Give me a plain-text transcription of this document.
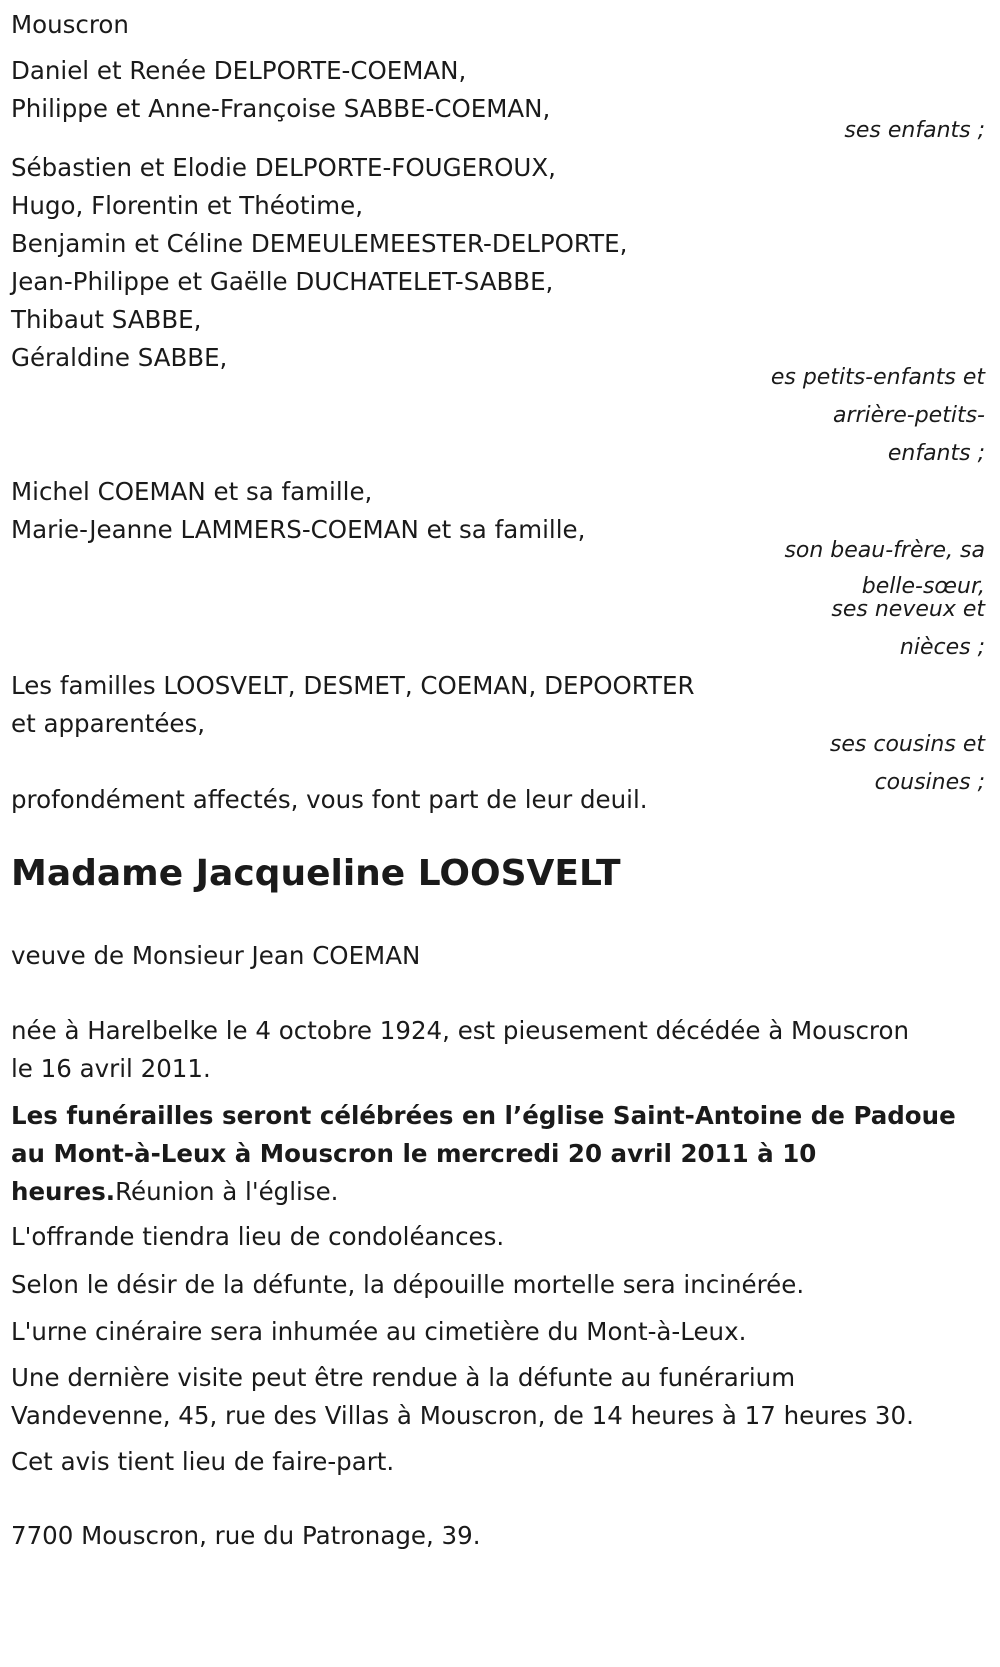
Mouscron
Daniel et Renée DELPORTE-COEMAN,
Philippe et Anne-Françoise SABBE-COEMAN,
ses enfants ;
Sébastien et Elodie DELPORTE-FOUGEROUX,
Hugo, Florentin et Théotime,
Benjamin et Céline DEMEULEMEESTER-DELPORTE,
Jean-Philippe et Gaëlle DUCHATELET-SABBE,
Thibaut SABBE,
Géraldine SABBE,
es petits-enfants et
arrière-petits-
enfants ;
Michel COEMAN et sa famille,
Marie-Jeanne LAMMERS-COEMAN et sa famille,
son beau-frère, sa
belle-sœur,
ses neveux et
nièces ;
Les familles LOOSVELT, DESMET, COEMAN, DEPOORTER
et apparentées,
ses cousins et
cousines ;
profondément affectés, vous font part de leur deuil.
Madame Jacqueline LOOSVELT
veuve de Monsieur Jean COEMAN
née à Harelbelke le 4 octobre 1924, est pieusement décédée à Mouscron
le 16 avril 2011.
Les funérailles seront célébrées en l’église Saint-Antoine de Padoue
au Mont-à-Leux à Mouscron le mercredi 20 avril 2011 à 10
heures.Réunion à l'église.
L'offrande tiendra lieu de condoléances.
Selon le désir de la défunte, la dépouille mortelle sera incinérée.
L'urne cinéraire sera inhumée au cimetière du Mont-à-Leux.
Une dernière visite peut être rendue à la défunte au funérarium
Vandevenne, 45, rue des Villas à Mouscron, de 14 heures à 17 heures 30.
Cet avis tient lieu de faire-part.
7700 Mouscron, rue du Patronage, 39.
